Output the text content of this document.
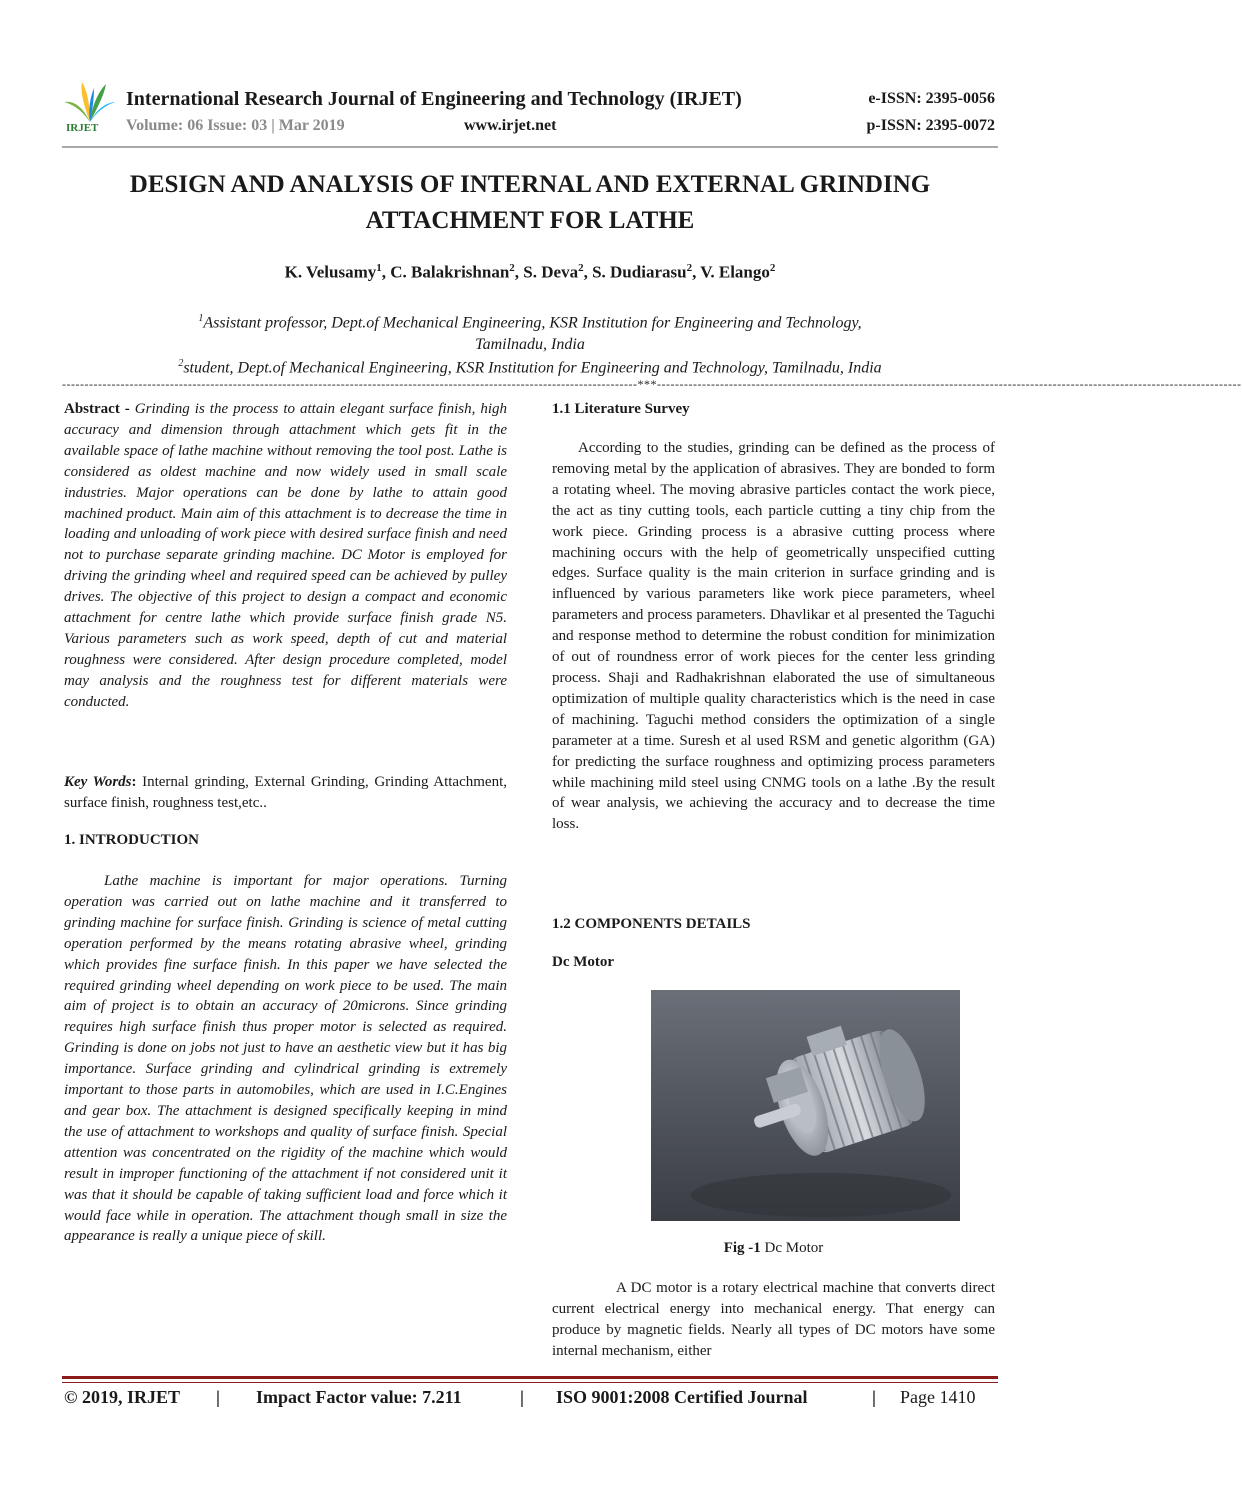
IRJET
International Research Journal of Engineering and Technology (IRJET)	e-ISSN: 2395-0056
Volume: 06 Issue: 03 | Mar 2019	www.irjet.net	p-ISSN: 2395-0072
DESIGN AND ANALYSIS OF INTERNAL AND EXTERNAL GRINDING
ATTACHMENT FOR LATHE
K. Velusamy$^1$, C. Balakrishnan$^2$, S. Deva$^2$, S. Dudiarasu$^2$, V. Elango$^2$
$^1$Assistant professor, Dept.of Mechanical Engineering, KSR Institution for Engineering and Technology,
Tamilnadu, India
$^2$student, Dept.of Mechanical Engineering, KSR Institution for Engineering and Technology, Tamilnadu, India
--------------------------------------------------------------------------------------------------------------------------------***----------------------------------------------------------------------------------------------------------------------------------
Abstract - Grinding is the process to attain elegant surface finish, high accuracy and dimension through attachment which gets fit in the available space of lathe machine without removing the tool post. Lathe is considered as oldest machine and now widely used in small scale industries. Major operations can be done by lathe to attain good machined product. Main aim of this attachment is to decrease the time in loading and unloading of work piece with desired surface finish and need not to purchase separate grinding machine. DC Motor is employed for driving the grinding wheel and required speed can be achieved by pulley drives. The objective of this project to design a compact and economic attachment for centre lathe which provide surface finish grade N5. Various parameters such as work speed, depth of cut and material roughness were considered. After design procedure completed, model may analysis and the roughness test for different materials were conducted.
Key Words: Internal grinding, External Grinding, Grinding Attachment, surface finish, roughness test,etc..
1. INTRODUCTION
Lathe machine is important for major operations. Turning operation was carried out on lathe machine and it transferred to grinding machine for surface finish. Grinding is science of metal cutting operation performed by the means rotating abrasive wheel, grinding which provides fine surface finish. In this paper we have selected the required grinding wheel depending on work piece to be used. The main aim of project is to obtain an accuracy of 20microns. Since grinding requires high surface finish thus proper motor is selected as required. Grinding is done on jobs not just to have an aesthetic view but it has big importance. Surface grinding and cylindrical grinding is extremely important to those parts in automobiles, which are used in I.C.Engines and gear box. The attachment is designed specifically keeping in mind the use of attachment to workshops and quality of surface finish. Special attention was concentrated on the rigidity of the machine which would result in improper functioning of the attachment if not considered unit it was that it should be capable of taking sufficient load and force which it would face while in operation. The attachment though small in size the appearance is really a unique piece of skill.
1.1 Literature Survey
According to the studies, grinding can be defined as the process of removing metal by the application of abrasives. They are bonded to form a rotating wheel. The moving abrasive particles contact the work piece, the act as tiny cutting tools, each particle cutting a tiny chip from the work piece. Grinding process is a abrasive cutting process where machining occurs with the help of geometrically unspecified cutting edges. Surface quality is the main criterion in surface grinding and is influenced by various parameters like work piece parameters, wheel parameters and process parameters. Dhavlikar et al presented the Taguchi and response method to determine the robust condition for minimization of out of roundness error of work pieces for the center less grinding process. Shaji and Radhakrishnan elaborated the use of simultaneous optimization of multiple quality characteristics which is the need in case of machining. Taguchi method considers the optimization of a single parameter at a time. Suresh et al used RSM and genetic algorithm (GA) for predicting the surface roughness and optimizing process parameters while machining mild steel using CNMG tools on a lathe .By the result of wear analysis, we achieving the accuracy and to decrease the time loss.
1.2 COMPONENTS DETAILS
Dc Motor
Fig -1 Dc Motor
A DC motor is a rotary electrical machine that converts direct current electrical energy into mechanical energy. That energy can produce by magnetic fields. Nearly all types of DC motors have some internal mechanism, either
© 2019, IRJET | Impact Factor value: 7.211	| ISO 9001:2008 Certified Journal	| Page 1410
